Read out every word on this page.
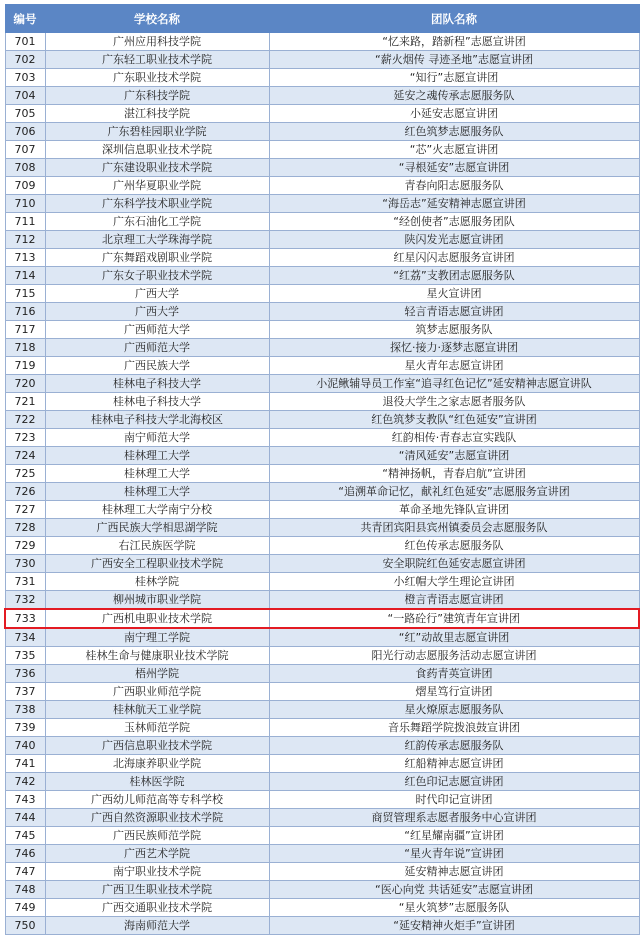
编号	学校名称	团队名称
701	广州应用科技学院	“忆来路，踏新程”志愿宣讲团
702	广东轻工职业技术学院	“薪火烟传 寻迹圣地”志愿宣讲团
703	广东职业技术学院	“知行”志愿宣讲团
704	广东科技学院	延安之魂传承志愿服务队
705	湛江科技学院	小延安志愿宣讲团
706	广东碧桂园职业学院	红色筑梦志愿服务队
707	深圳信息职业技术学院	“芯”火志愿宣讲团
708	广东建设职业技术学院	“寻根延安”志愿宣讲团
709	广州华夏职业学院	青春向阳志愿服务队
710	广东科学技术职业学院	“海岳志”延安精神志愿宣讲团
711	广东石油化工学院	“经创使者”志愿服务团队
712	北京理工大学珠海学院	陕闪发光志愿宣讲团
713	广东舞蹈戏剧职业学院	红星闪闪志愿服务宣讲团
714	广东女子职业技术学院	“红荔”支教团志愿服务队
715	广西大学	星火宣讲团
716	广西大学	轻言青语志愿宣讲团
717	广西师范大学	筑梦志愿服务队
718	广西师范大学	探忆·接力·逐梦志愿宣讲团
719	广西民族大学	星火青年志愿宣讲团
720	桂林电子科技大学	小泥鳅辅导员工作室“追寻红色记忆”延安精神志愿宣讲队
721	桂林电子科技大学	退役大学生之家志愿者服务队
722	桂林电子科技大学北海校区	红色筑梦支教队“红色延安”宣讲团
723	南宁师范大学	红韵相传·青春志宣实践队
724	桂林理工大学	“清风延安”志愿宣讲团
725	桂林理工大学	“精神扬帆，青春启航”宣讲团
726	桂林理工大学	“追溯革命记忆，献礼红色延安”志愿服务宣讲团
727	桂林理工大学南宁分校	革命圣地先锋队宣讲团
728	广西民族大学相思湖学院	共青团宾阳县宾州镇委员会志愿服务队
729	右江民族医学院	红色传承志愿服务队
730	广西安全工程职业技术学院	安全职院红色延安志愿宣讲团
731	桂林学院	小红帽大学生理论宣讲团
732	柳州城市职业学院	橙言青语志愿宣讲团
733	广西机电职业技术学院	“一路砼行”建筑青年宣讲团
734	南宁理工学院	“红”动故里志愿宣讲团
735	桂林生命与健康职业技术学院	阳光行动志愿服务活动志愿宣讲团
736	梧州学院	食药青英宣讲团
737	广西职业师范学院	熠星笃行宣讲团
738	桂林航天工业学院	星火燎原志愿服务队
739	玉林师范学院	音乐舞蹈学院拨浪鼓宣讲团
740	广西信息职业技术学院	红韵传承志愿服务队
741	北海康养职业学院	红船精神志愿宣讲团
742	桂林医学院	红色印记志愿宣讲团
743	广西幼儿师范高等专科学校	时代印记宣讲团
744	广西自然资源职业技术学院	商贸管理系志愿者服务中心宣讲团
745	广西民族师范学院	“红星耀南疆”宣讲团
746	广西艺术学院	“星火青年说”宣讲团
747	南宁职业技术学院	延安精神志愿宣讲团
748	广西卫生职业技术学院	“医心向党 共话延安”志愿宣讲团
749	广西交通职业技术学院	“星火筑梦”志愿服务队
750	海南师范大学	“延安精神火炬手”宣讲团
